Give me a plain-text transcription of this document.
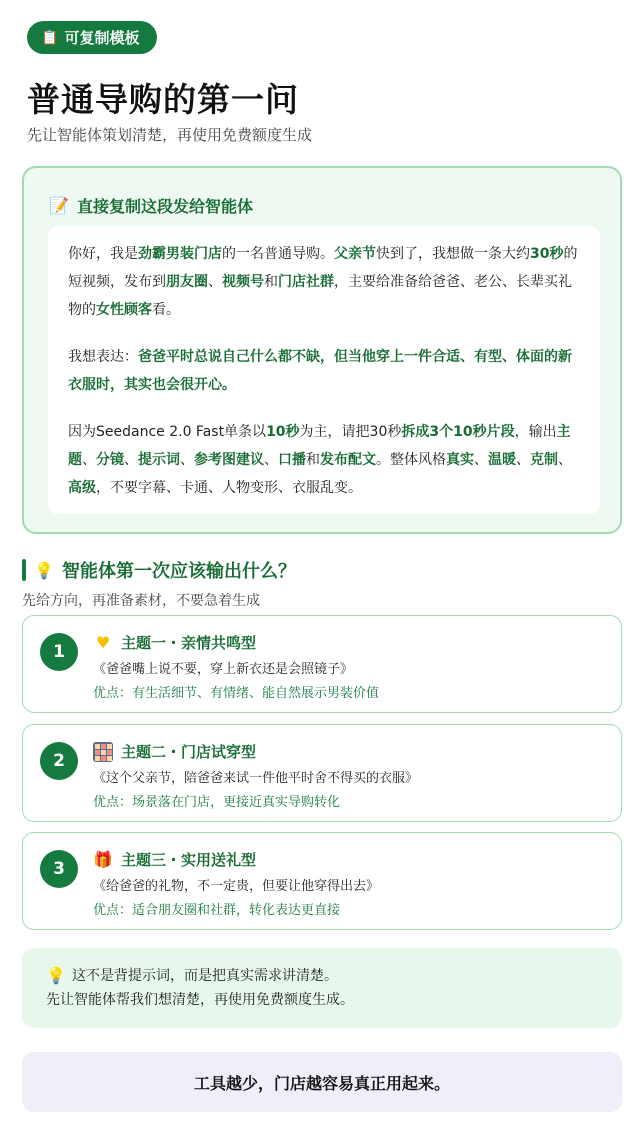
📋 可复制模板
普通导购的第一问
先让智能体策划清楚，再使用免费额度生成
📝 直接复制这段发给智能体

你好，我是劲霸男装门店的一名普通导购。父亲节快到了，我想做一条大约30秒的短视频，发布到朋友圈、视频号和门店社群，主要给准备给爸爸、老公、长辈买礼物的女性顾客看。

我想表达：爸爸平时总说自己什么都不缺，但当他穿上一件合适、有型、体面的新衣服时，其实也会很开心。

因为Seedance 2.0 Fast单条以10秒为主，请把30秒拆成3个10秒片段，输出主题、分镜、提示词、参考图建议、口播和发布配文。整体风格真实、温暖、克制、高级，不要字幕、卡通、人物变形、衣服乱变。

💡 智能体第一次应该输出什么？
先给方向，再准备素材，不要急着生成
1	♥ 主题一・亲情共鸣型
《爸爸嘴上说不要，穿上新衣还是会照镜子》
优点：有生活细节、有情绪、能自然展示男装价值
2	主题二・门店试穿型
《这个父亲节，陪爸爸来试一件他平时舍不得买的衣服》
优点：场景落在门店，更接近真实导购转化
3	🎁 主题三・实用送礼型
《给爸爸的礼物，不一定贵，但要让他穿得出去》
优点：适合朋友圈和社群，转化表达更直接
💡 这不是背提示词，而是把真实需求讲清楚。
先让智能体帮我们想清楚，再使用免费额度生成。
工具越少，门店越容易真正用起来。
